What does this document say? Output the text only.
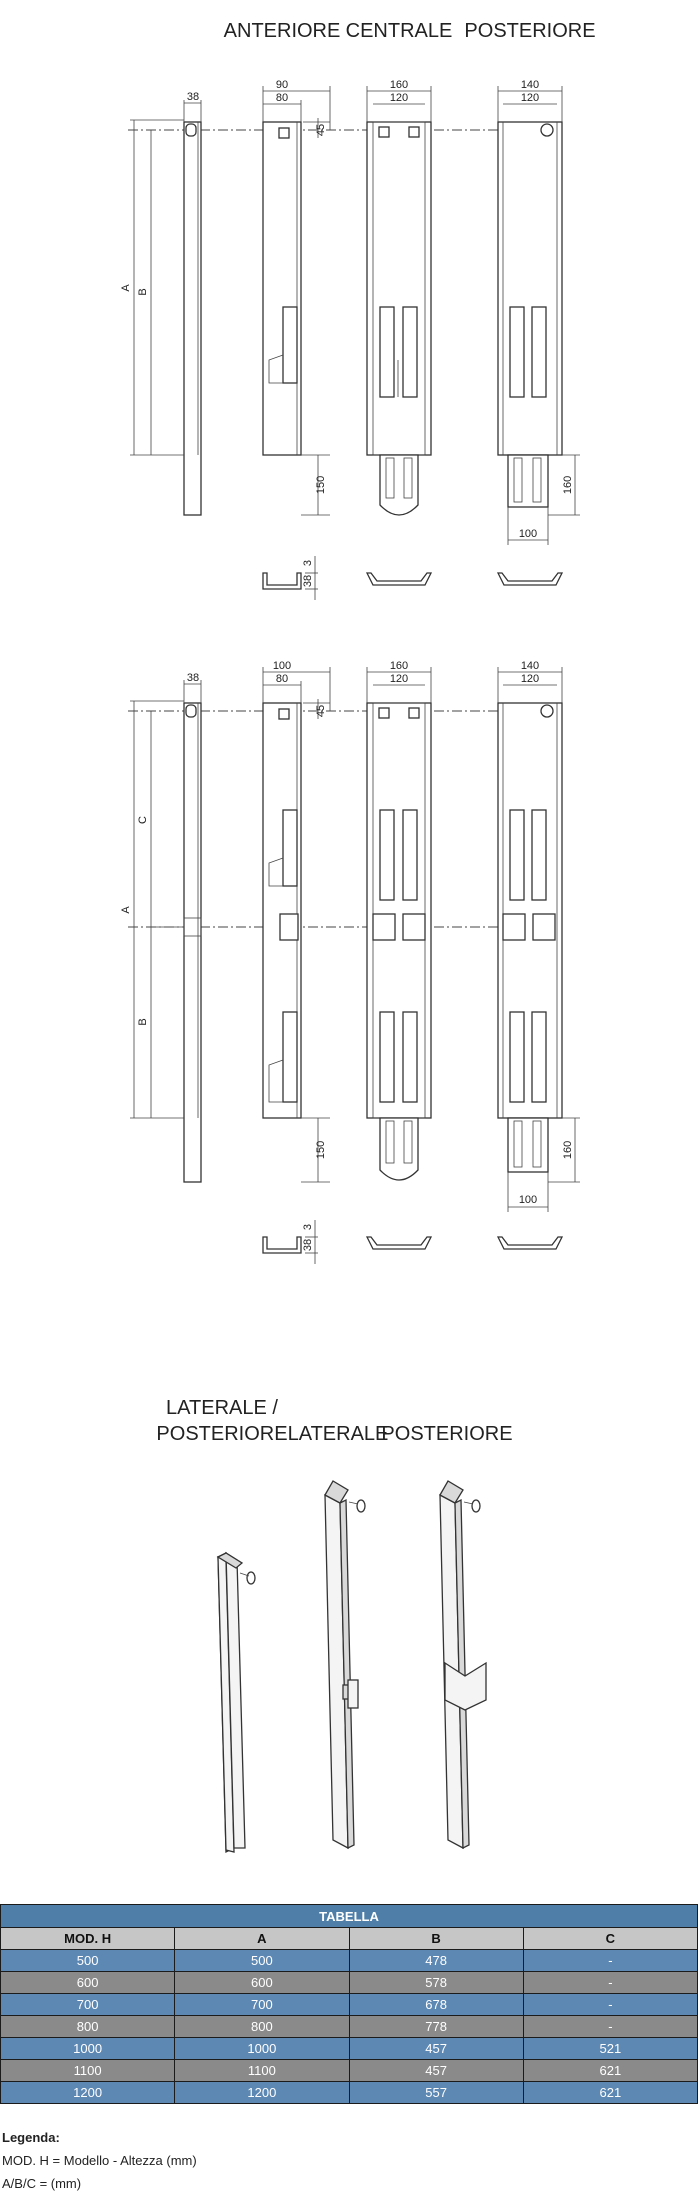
ANTERIORE CENTRALE POSTERIORE
38
A
B
90
80
45
150
160
120
140
120
160
100
3
38
38
A
C
B
100
80
45
150
160
120
140
120
160
100
3
38
LATERALE /
POSTERIORE LATERALE
POSTERIORE
TABELLA			
MOD. H	A	B	C
500	500	478	-
600	600	578	-
700	700	678	-
800	800	778	-
1000	1000	457	521
1100	1100	457	621
1200	1200	557	621
Legenda:
MOD. H = Modello - Altezza (mm)
A/B/C = (mm)
